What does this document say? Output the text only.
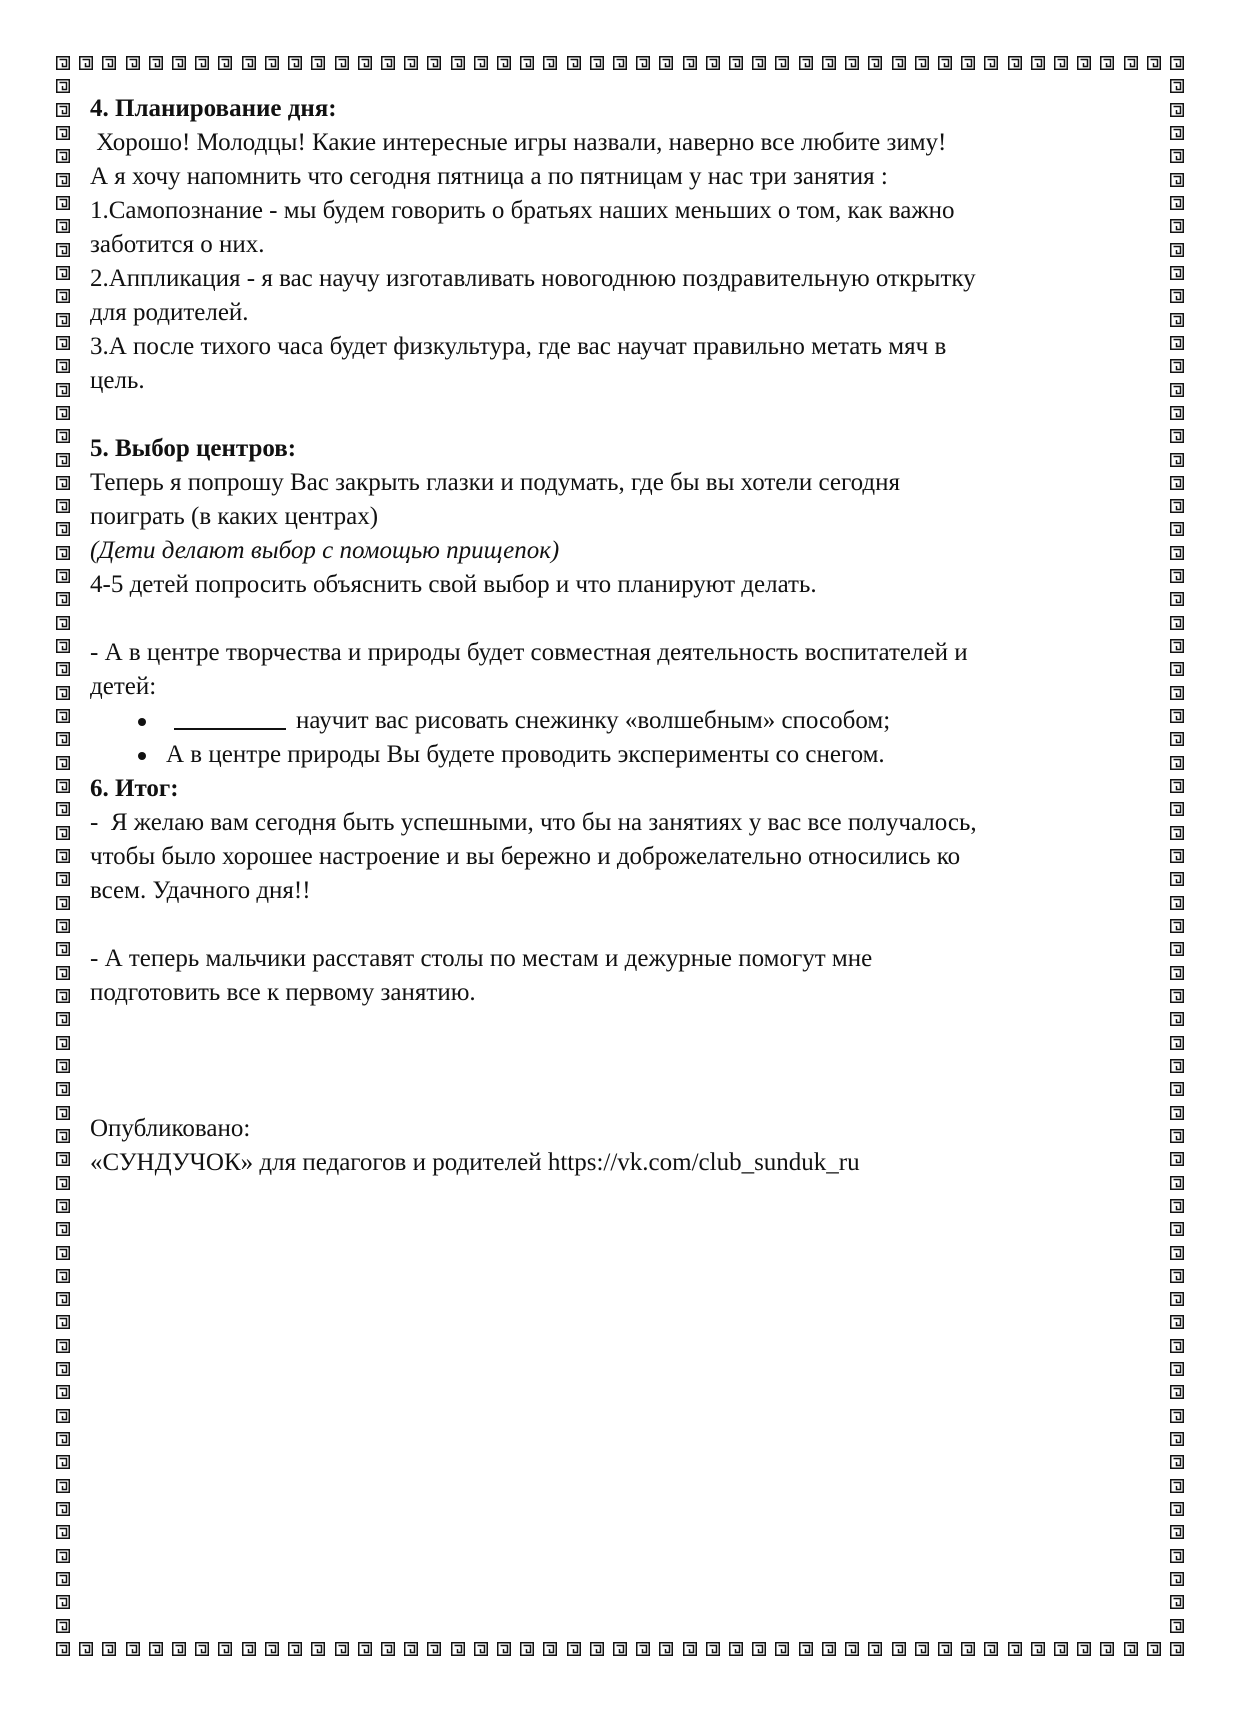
4. Планирование дня:

Хорошо! Молодцы! Какие интересные игры назвали, наверно все любите зиму!

А я хочу напомнить что сегодня пятница а по пятницам у нас три занятия :

1.Самопознание - мы будем говорить о братьях наших меньших о том, как важно

заботится о них.

2.Аппликация - я вас научу изготавливать новогоднюю поздравительную открытку

для родителей.

3.А после тихого часа будет физкультура, где вас научат правильно метать мяч в

цель.

5. Выбор центров:

Теперь я попрошу Вас закрыть глазки и подумать, где бы вы хотели сегодня

поиграть (в каких центрах)

(Дети делают выбор с помощью прищепок)

4-5 детей попросить объяснить свой выбор и что планируют делать.

- А в центре творчества и природы будет совместная деятельность воспитателей и

детей:

научит вас рисовать снежинку «волшебным» способом;
А в центре природы Вы будете проводить эксперименты со снегом.

6. Итог:

-  Я желаю вам сегодня быть успешными, что бы на занятиях у вас все получалось,

чтобы было хорошее настроение и вы бережно и доброжелательно относились ко

всем. Удачного дня!!

- А теперь мальчики расставят столы по местам и дежурные помогут мне

подготовить все к первому занятию.

Опубликовано:

«СУНДУЧОК» для педагогов и родителей https://vk.com/club_sunduk_ru
